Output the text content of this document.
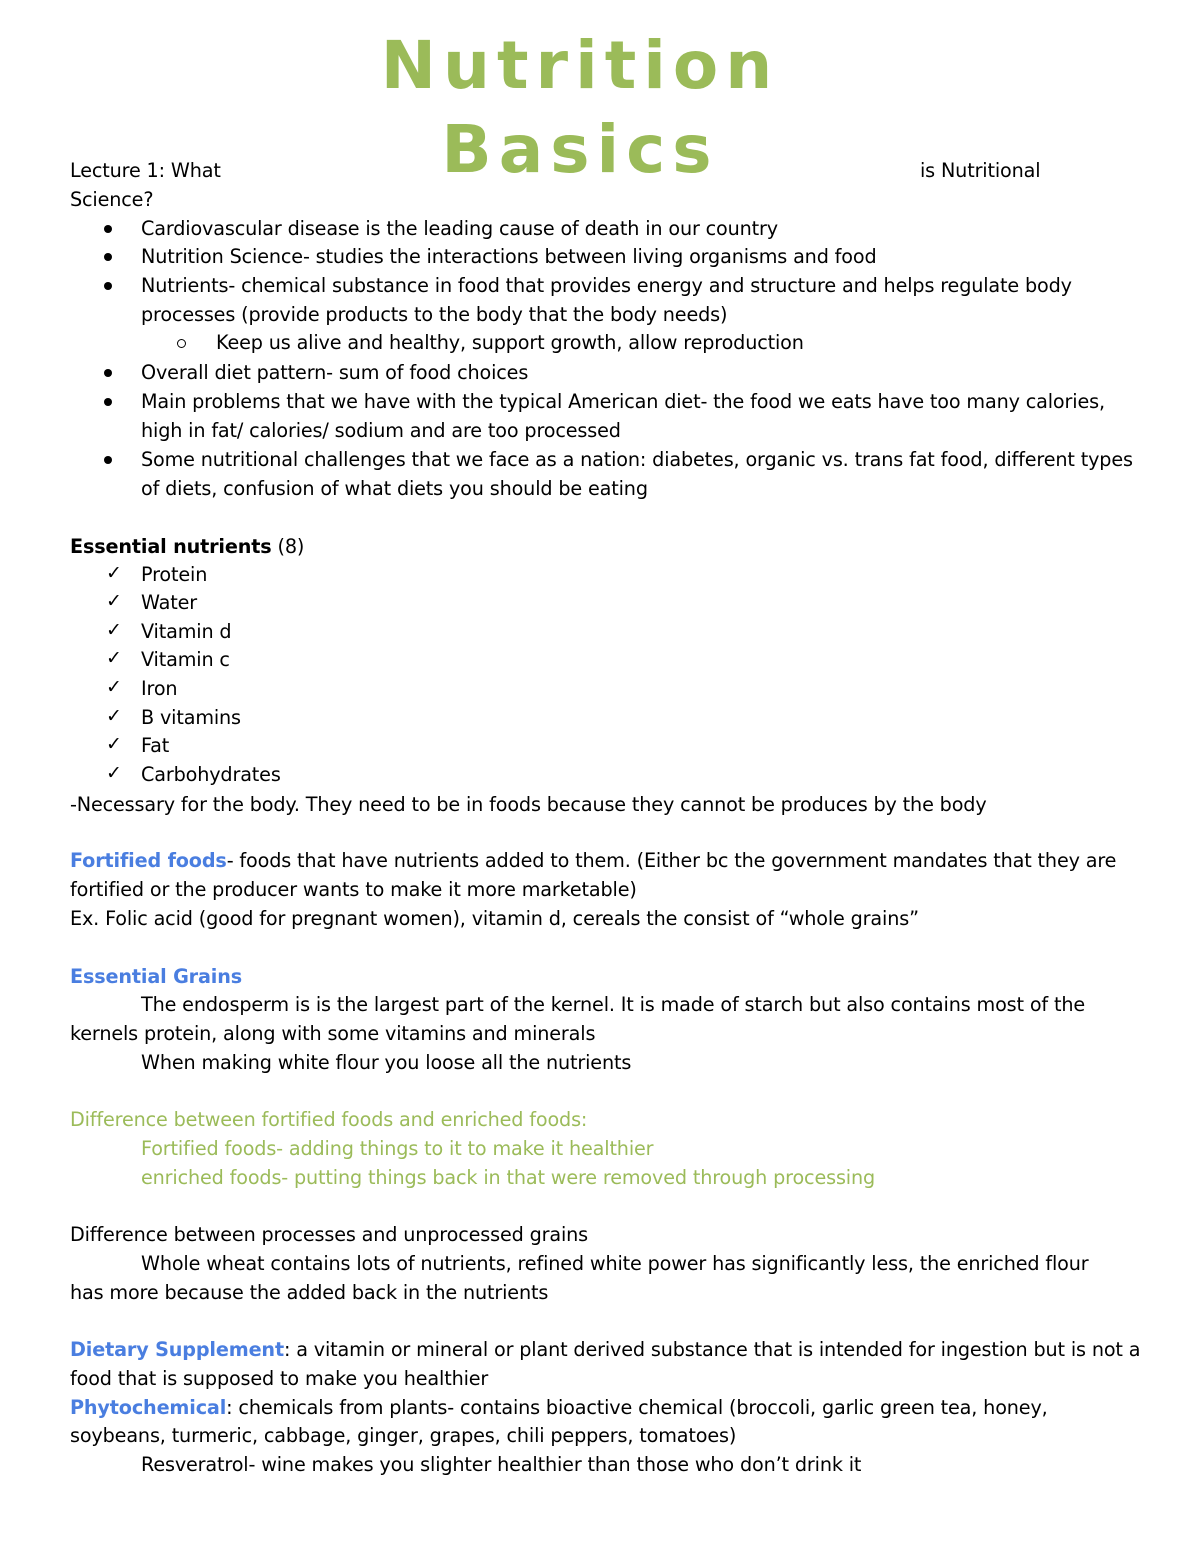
Nutrition
Basics
Lecture 1: What	is Nutritional
Science?
Cardiovascular disease is the leading cause of death in our country
Nutrition Science- studies the interactions between living organisms and food
Nutrients- chemical substance in food that provides energy and structure and helps regulate body
processes (provide products to the body that the body needs)
Keep us alive and healthy, support growth, allow reproduction
Overall diet pattern- sum of food choices
Main problems that we have with the typical American diet- the food we eats have too many calories,
high in fat/ calories/ sodium and are too processed
Some nutritional challenges that we face as a nation: diabetes, organic vs. trans fat food, different types
of diets, confusion of what diets you should be eating
Essential nutrients (8)
✓ Protein
✓ Water
✓ Vitamin d
✓ Vitamin c
✓ Iron
✓ B vitamins
✓ Fat
✓ Carbohydrates
-Necessary for the body. They need to be in foods because they cannot be produces by the body
Fortified foods- foods that have nutrients added to them. (Either bc the government mandates that they are
fortified or the producer wants to make it more marketable)
Ex. Folic acid (good for pregnant women), vitamin d, cereals the consist of “whole grains”
Essential Grains
The endosperm is is the largest part of the kernel. It is made of starch but also contains most of the
kernels protein, along with some vitamins and minerals
When making white flour you loose all the nutrients
Difference between fortified foods and enriched foods:
Fortified foods- adding things to it to make it healthier
enriched foods- putting things back in that were removed through processing
Difference between processes and unprocessed grains
Whole wheat contains lots of nutrients, refined white power has significantly less, the enriched flour
has more because the added back in the nutrients
Dietary Supplement: a vitamin or mineral or plant derived substance that is intended for ingestion but is not a
food that is supposed to make you healthier
Phytochemical: chemicals from plants- contains bioactive chemical (broccoli, garlic green tea, honey,
soybeans, turmeric, cabbage, ginger, grapes, chili peppers, tomatoes)
Resveratrol- wine makes you slighter healthier than those who don’t drink it
